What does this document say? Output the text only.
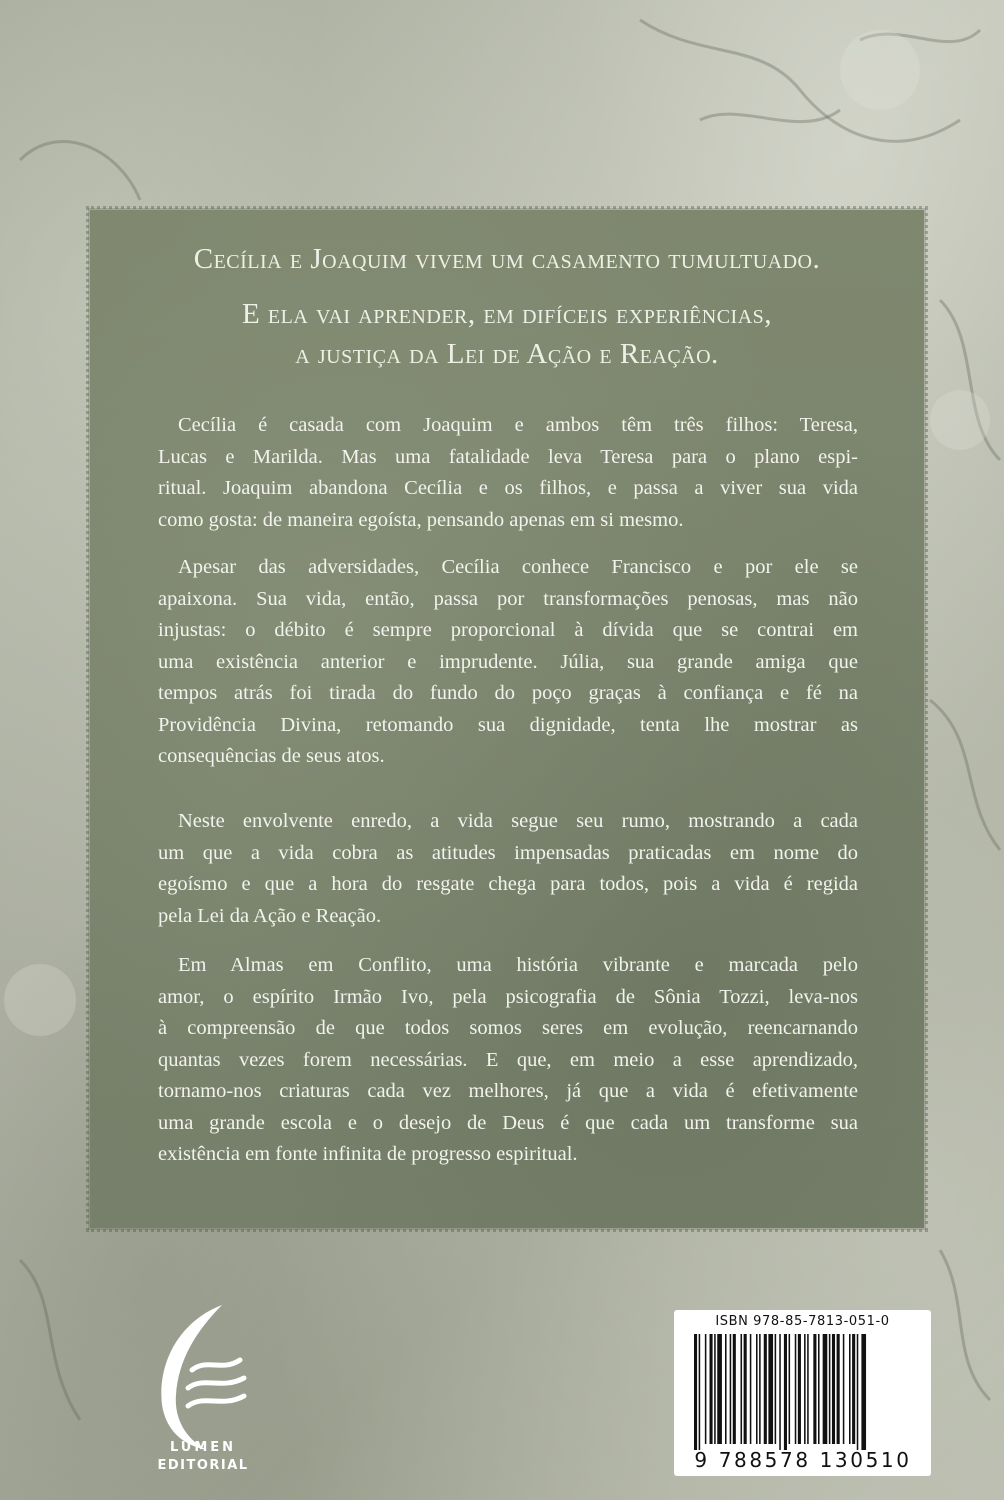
Cecília e Joaquim vivem um casamento tumultuado.
E ela vai aprender, em difíceis experiências,
a justiça da Lei de Ação e Reação.
Cecília é casada com Joaquim e ambos têm três filhos: Teresa,
Lucas e Marilda. Mas uma fatalidade leva Teresa para o plano espi-
ritual. Joaquim abandona Cecília e os filhos, e passa a viver sua vida
como gosta: de maneira egoísta, pensando apenas em si mesmo.
Apesar das adversidades, Cecília conhece Francisco e por ele se
apaixona. Sua vida, então, passa por transformações penosas, mas não
injustas: o débito é sempre proporcional à dívida que se contrai em
uma existência anterior e imprudente. Júlia, sua grande amiga que
tempos atrás foi tirada do fundo do poço graças à confiança e fé na
Providência Divina, retomando sua dignidade, tenta lhe mostrar as
consequências de seus atos.
Neste envolvente enredo, a vida segue seu rumo, mostrando a cada
um que a vida cobra as atitudes impensadas praticadas em nome do
egoísmo e que a hora do resgate chega para todos, pois a vida é regida
pela Lei da Ação e Reação.
Em Almas em Conflito, uma história vibrante e marcada pelo
amor, o espírito Irmão Ivo, pela psicografia de Sônia Tozzi, leva-nos
à compreensão de que todos somos seres em evolução, reencarnando
quantas vezes forem necessárias. E que, em meio a esse aprendizado,
tornamo-nos criaturas cada vez melhores, já que a vida é efetivamente
uma grande escola e o desejo de Deus é que cada um transforme sua
existência em fonte infinita de progresso espiritual.
LÚMEN
EDITORIAL
ISBN 978-85-7813-051-0
9 788578 130510
